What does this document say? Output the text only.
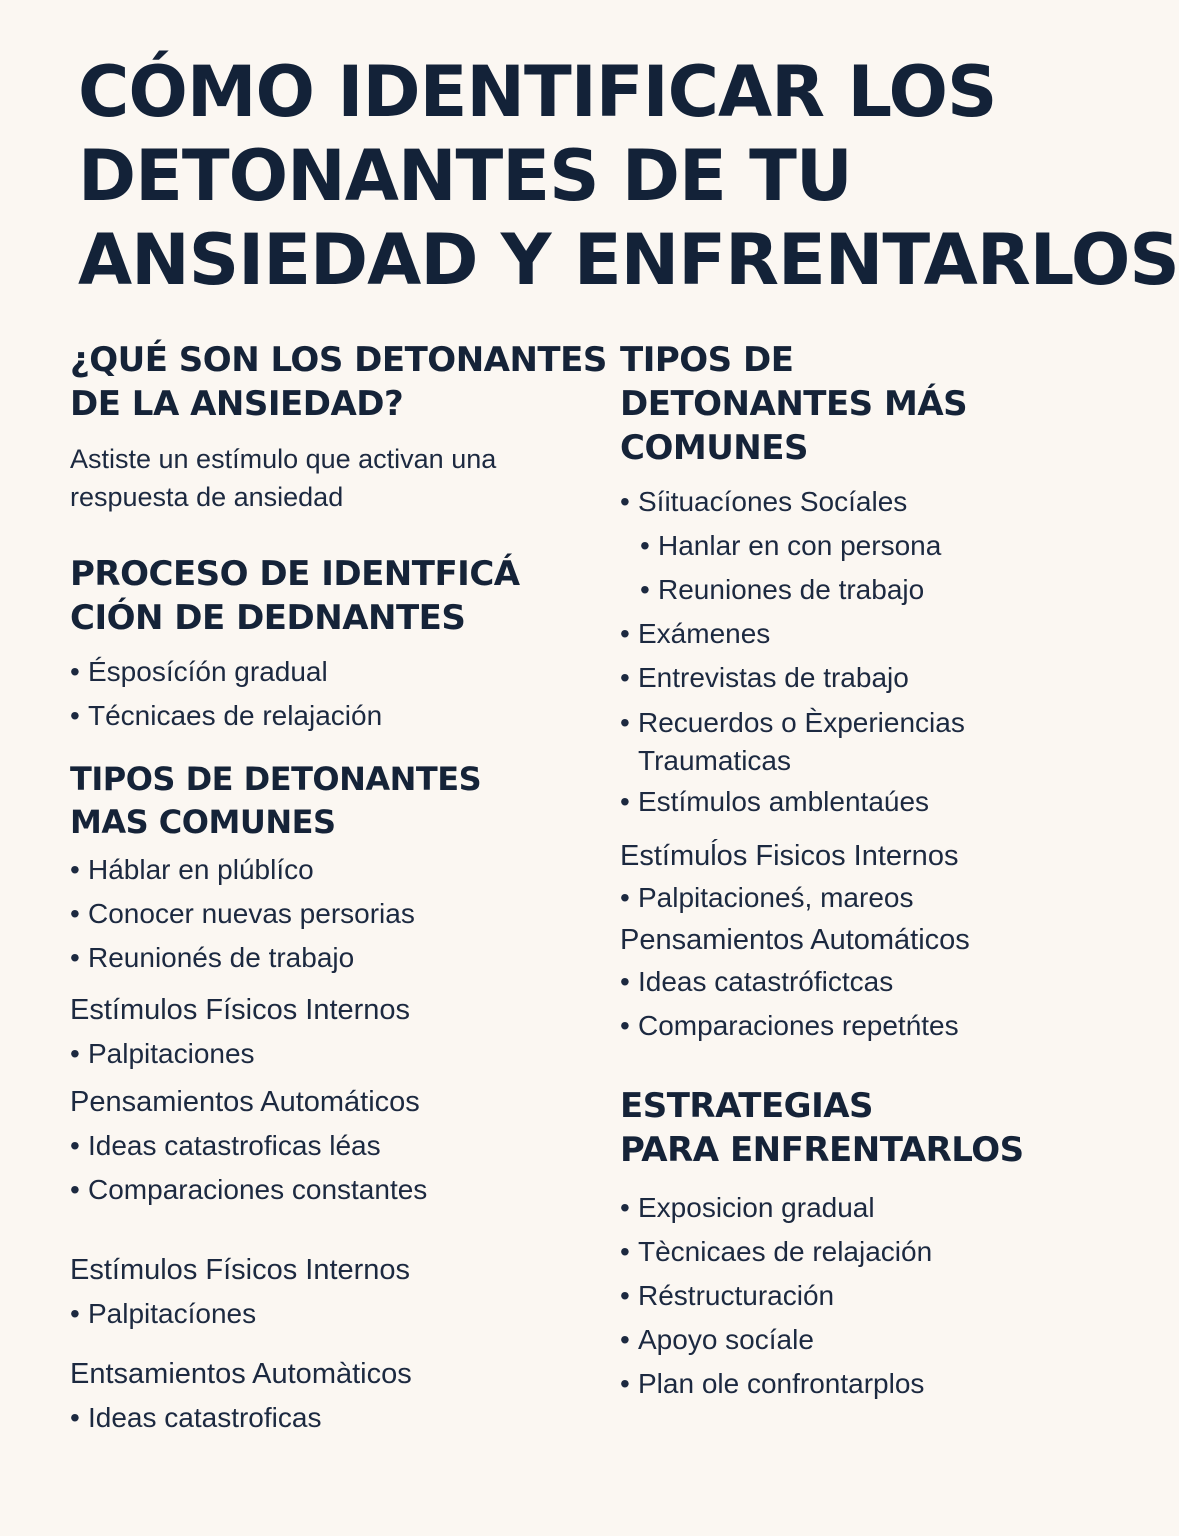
CÓMO IDENTIFICAR LOS
DETONANTES DE TU
ANSIEDAD Y ENFRENTARLOS
¿QUÉ SON LOS DETONANTES
DE LA ANSIEDAD?
Astiste un estímulo que activan una
respuesta de ansiedad
PROCESO DE IDENTFICÁ
CIÓN DE DEDNANTES
• Ésposícíón gradual
• Técnicaes de relajación
TIPOS DE DETONANTES
MAS COMUNES
• Háblar en plúblíco
• Conocer nuevas persorias
• Reunionés de trabajo
Estímulos Físicos Internos
• Palpitaciones
Pensamientos Automáticos
• Ideas catastroficas léas
• Comparaciones constantes
Estímulos Físicos Internos
• Palpitacíones
Entsamientos Automàticos
• Ideas catastroficas
TIPOS DE
DETONANTES MÁS
COMUNES
• Síituacíones Socíales
• Hanlar en con persona
• Reuniones de trabajo
• Exámenes
• Entrevistas de trabajo
• Recuerdos o Èxperiencias
Traumaticas
• Estímulos amblentaúes
Estímuĺos Fisicos Internos
• Palpitacioneś, mareos
Pensamientos Automáticos
• Ideas catastrófictcas
• Comparaciones repetńtes
ESTRATEGIAS
PARA ENFRENTARLOS
• Exposicion gradual
• Tècnicaes de relajación
• Réstructuración
• Apoyo socíale
• Plan ole confrontarplos
